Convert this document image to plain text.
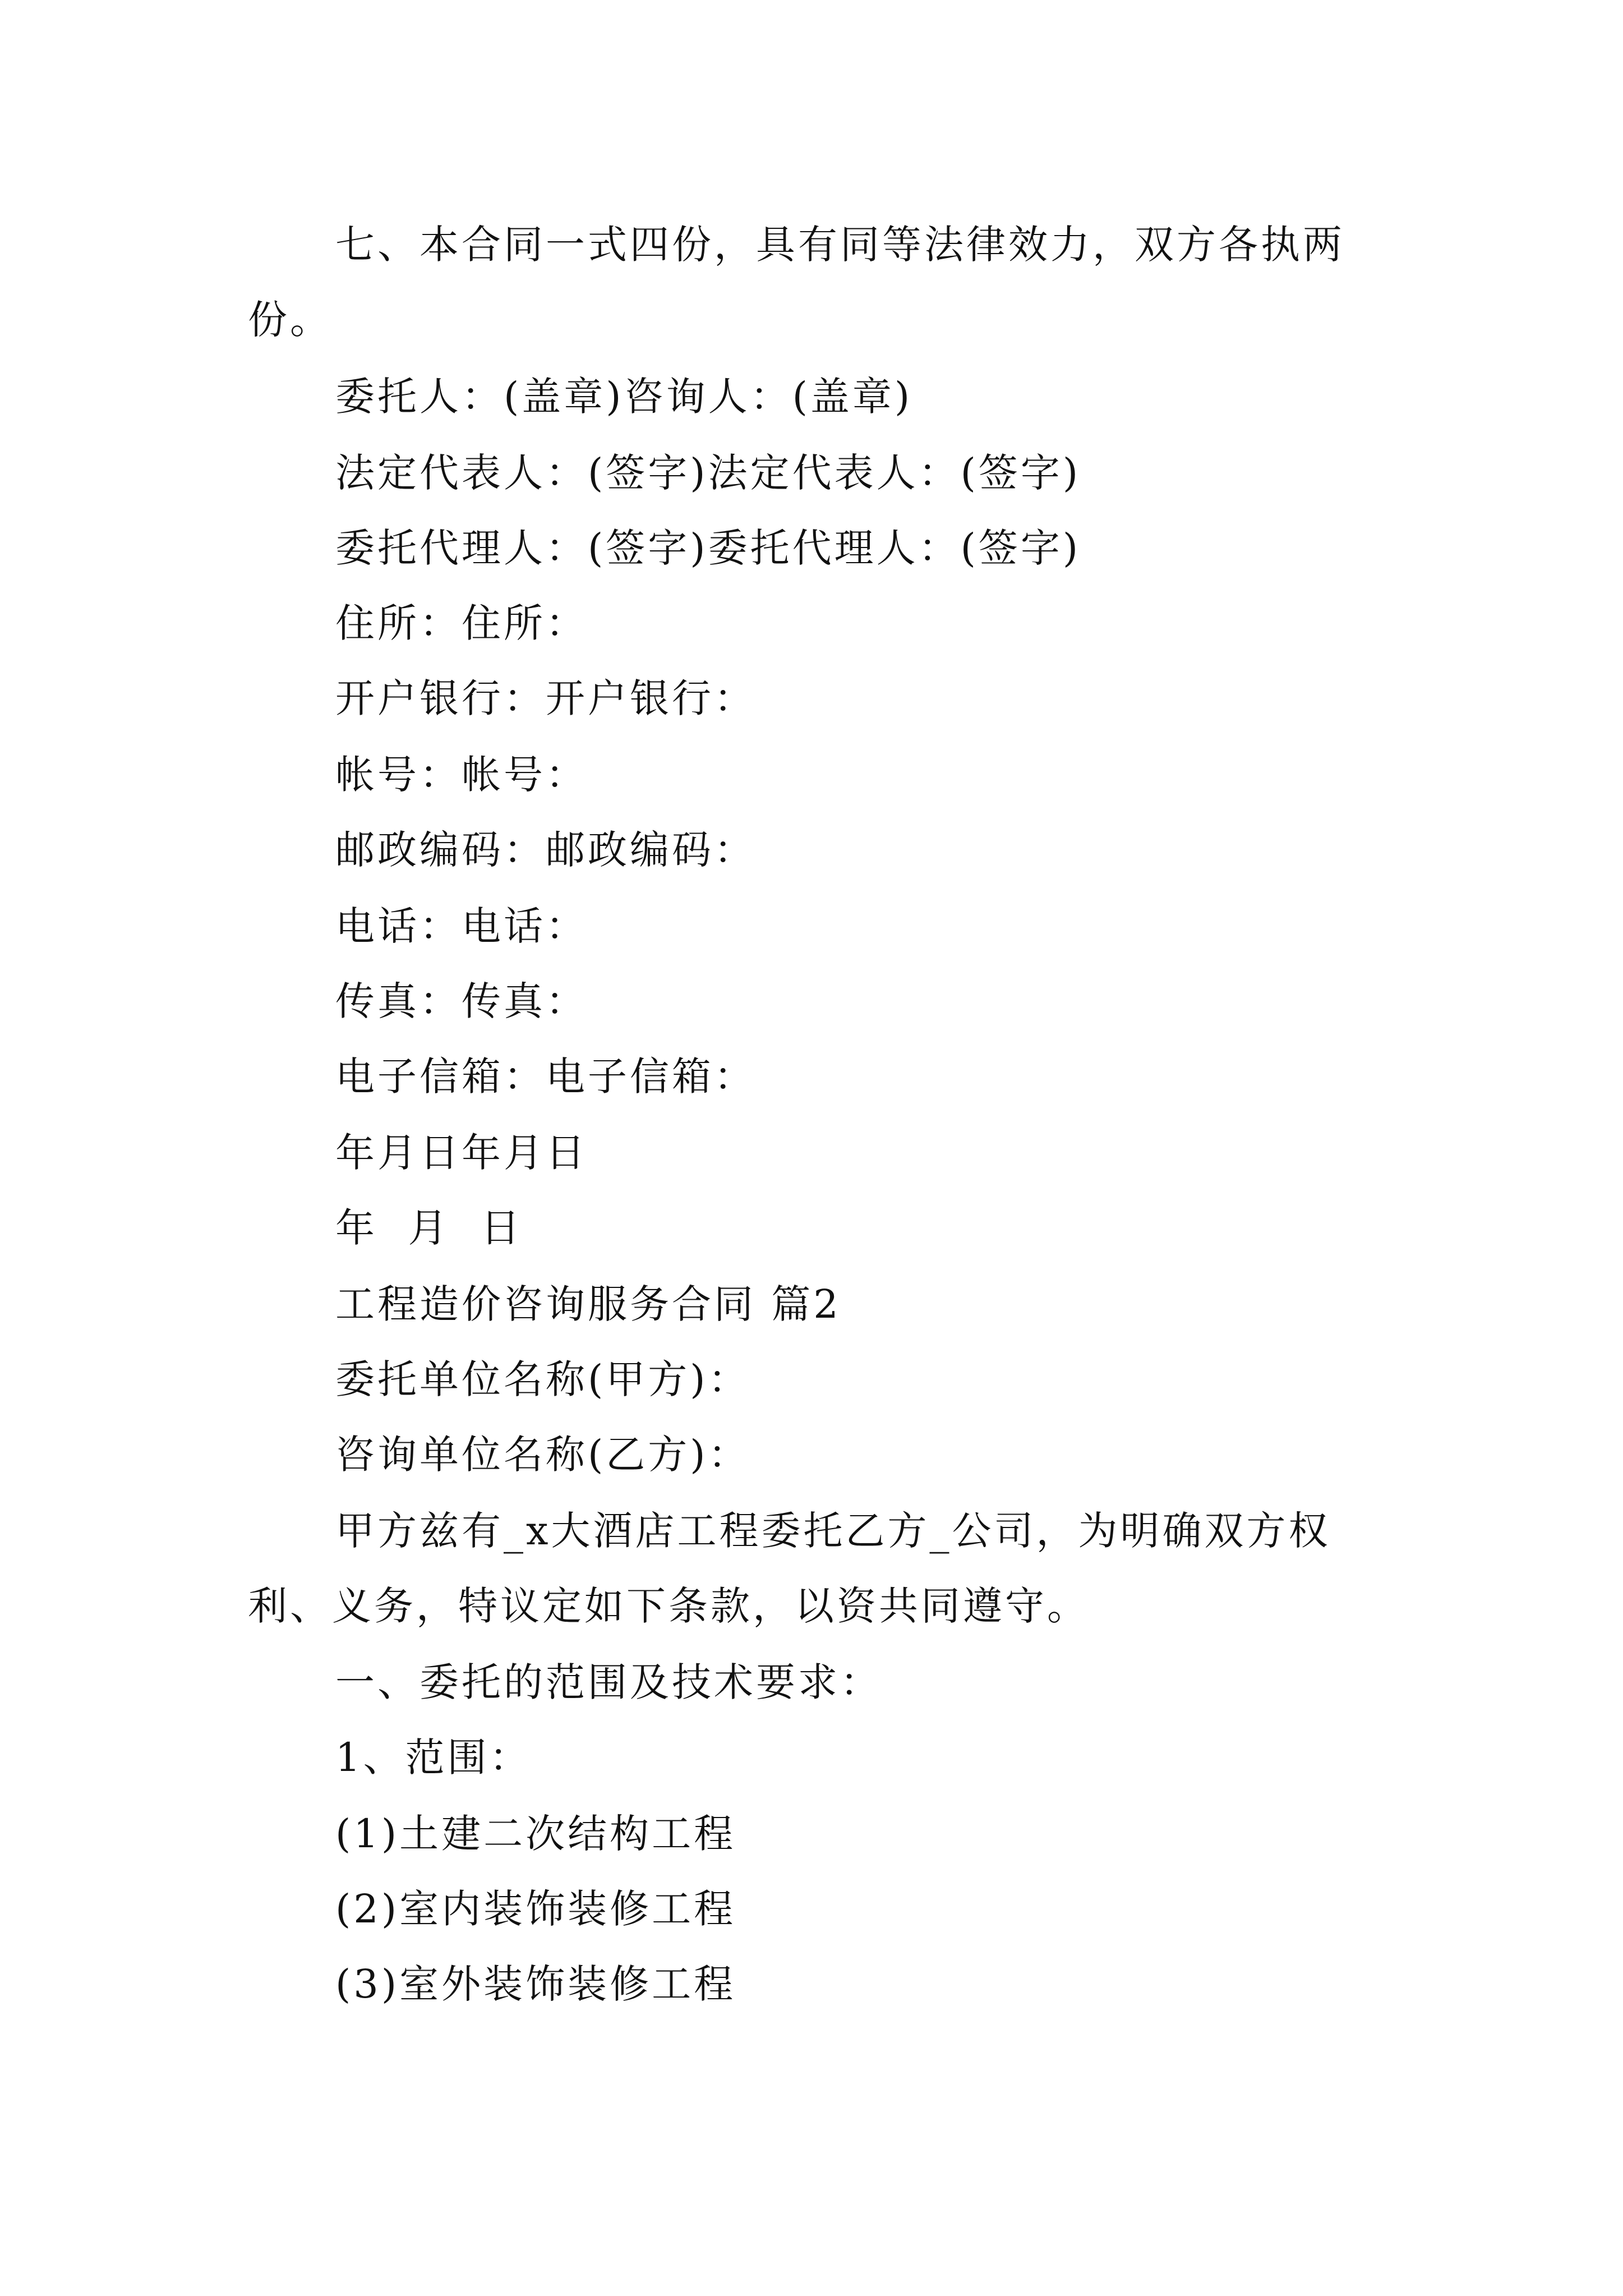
七、本合同一式四份，具有同等法律效力，双方各执两
份。
委托人：(盖章)咨询人：(盖章)
法定代表人：(签字)法定代表人：(签字)
委托代理人：(签字)委托代理人：(签字)
住所：住所：
开户银行：开户银行：
帐号：帐号：
邮政编码：邮政编码：
电话：电话：
传真：传真：
电子信箱：电子信箱：
年月日年月日
年  月  日
工程造价咨询服务合同 篇2
委托单位名称(甲方)：
咨询单位名称(乙方)：
甲方兹有_x大酒店工程委托乙方_公司，为明确双方权
利、义务，特议定如下条款，以资共同遵守。
一、委托的范围及技术要求：
1、范围：
(1)土建二次结构工程
(2)室内装饰装修工程
(3)室外装饰装修工程
